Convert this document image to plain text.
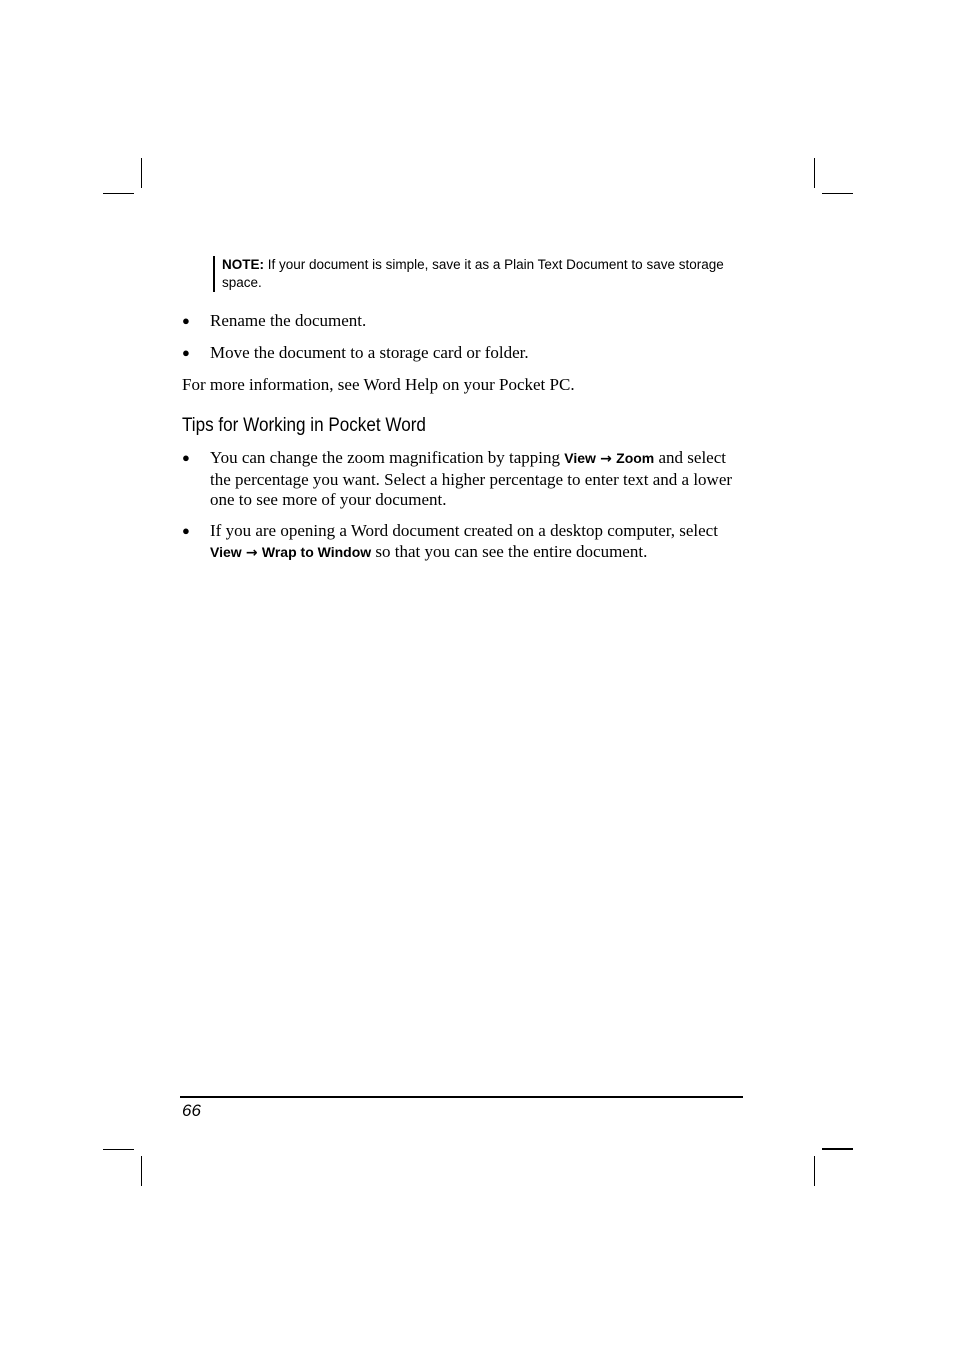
NOTE: If your document is simple, save it as a Plain Text Document to save storage space.
● Rename the document.
● Move the document to a storage card or folder.
For more information, see Word Help on your Pocket PC.
Tips for Working in Pocket Word
● You can change the zoom magnification by tapping View → Zoom and select the percentage you want. Select a higher percentage to enter text and a lower one to see more of your document.
● If you are opening a Word document created on a desktop computer, select View → Wrap to Window so that you can see the entire document.
66
